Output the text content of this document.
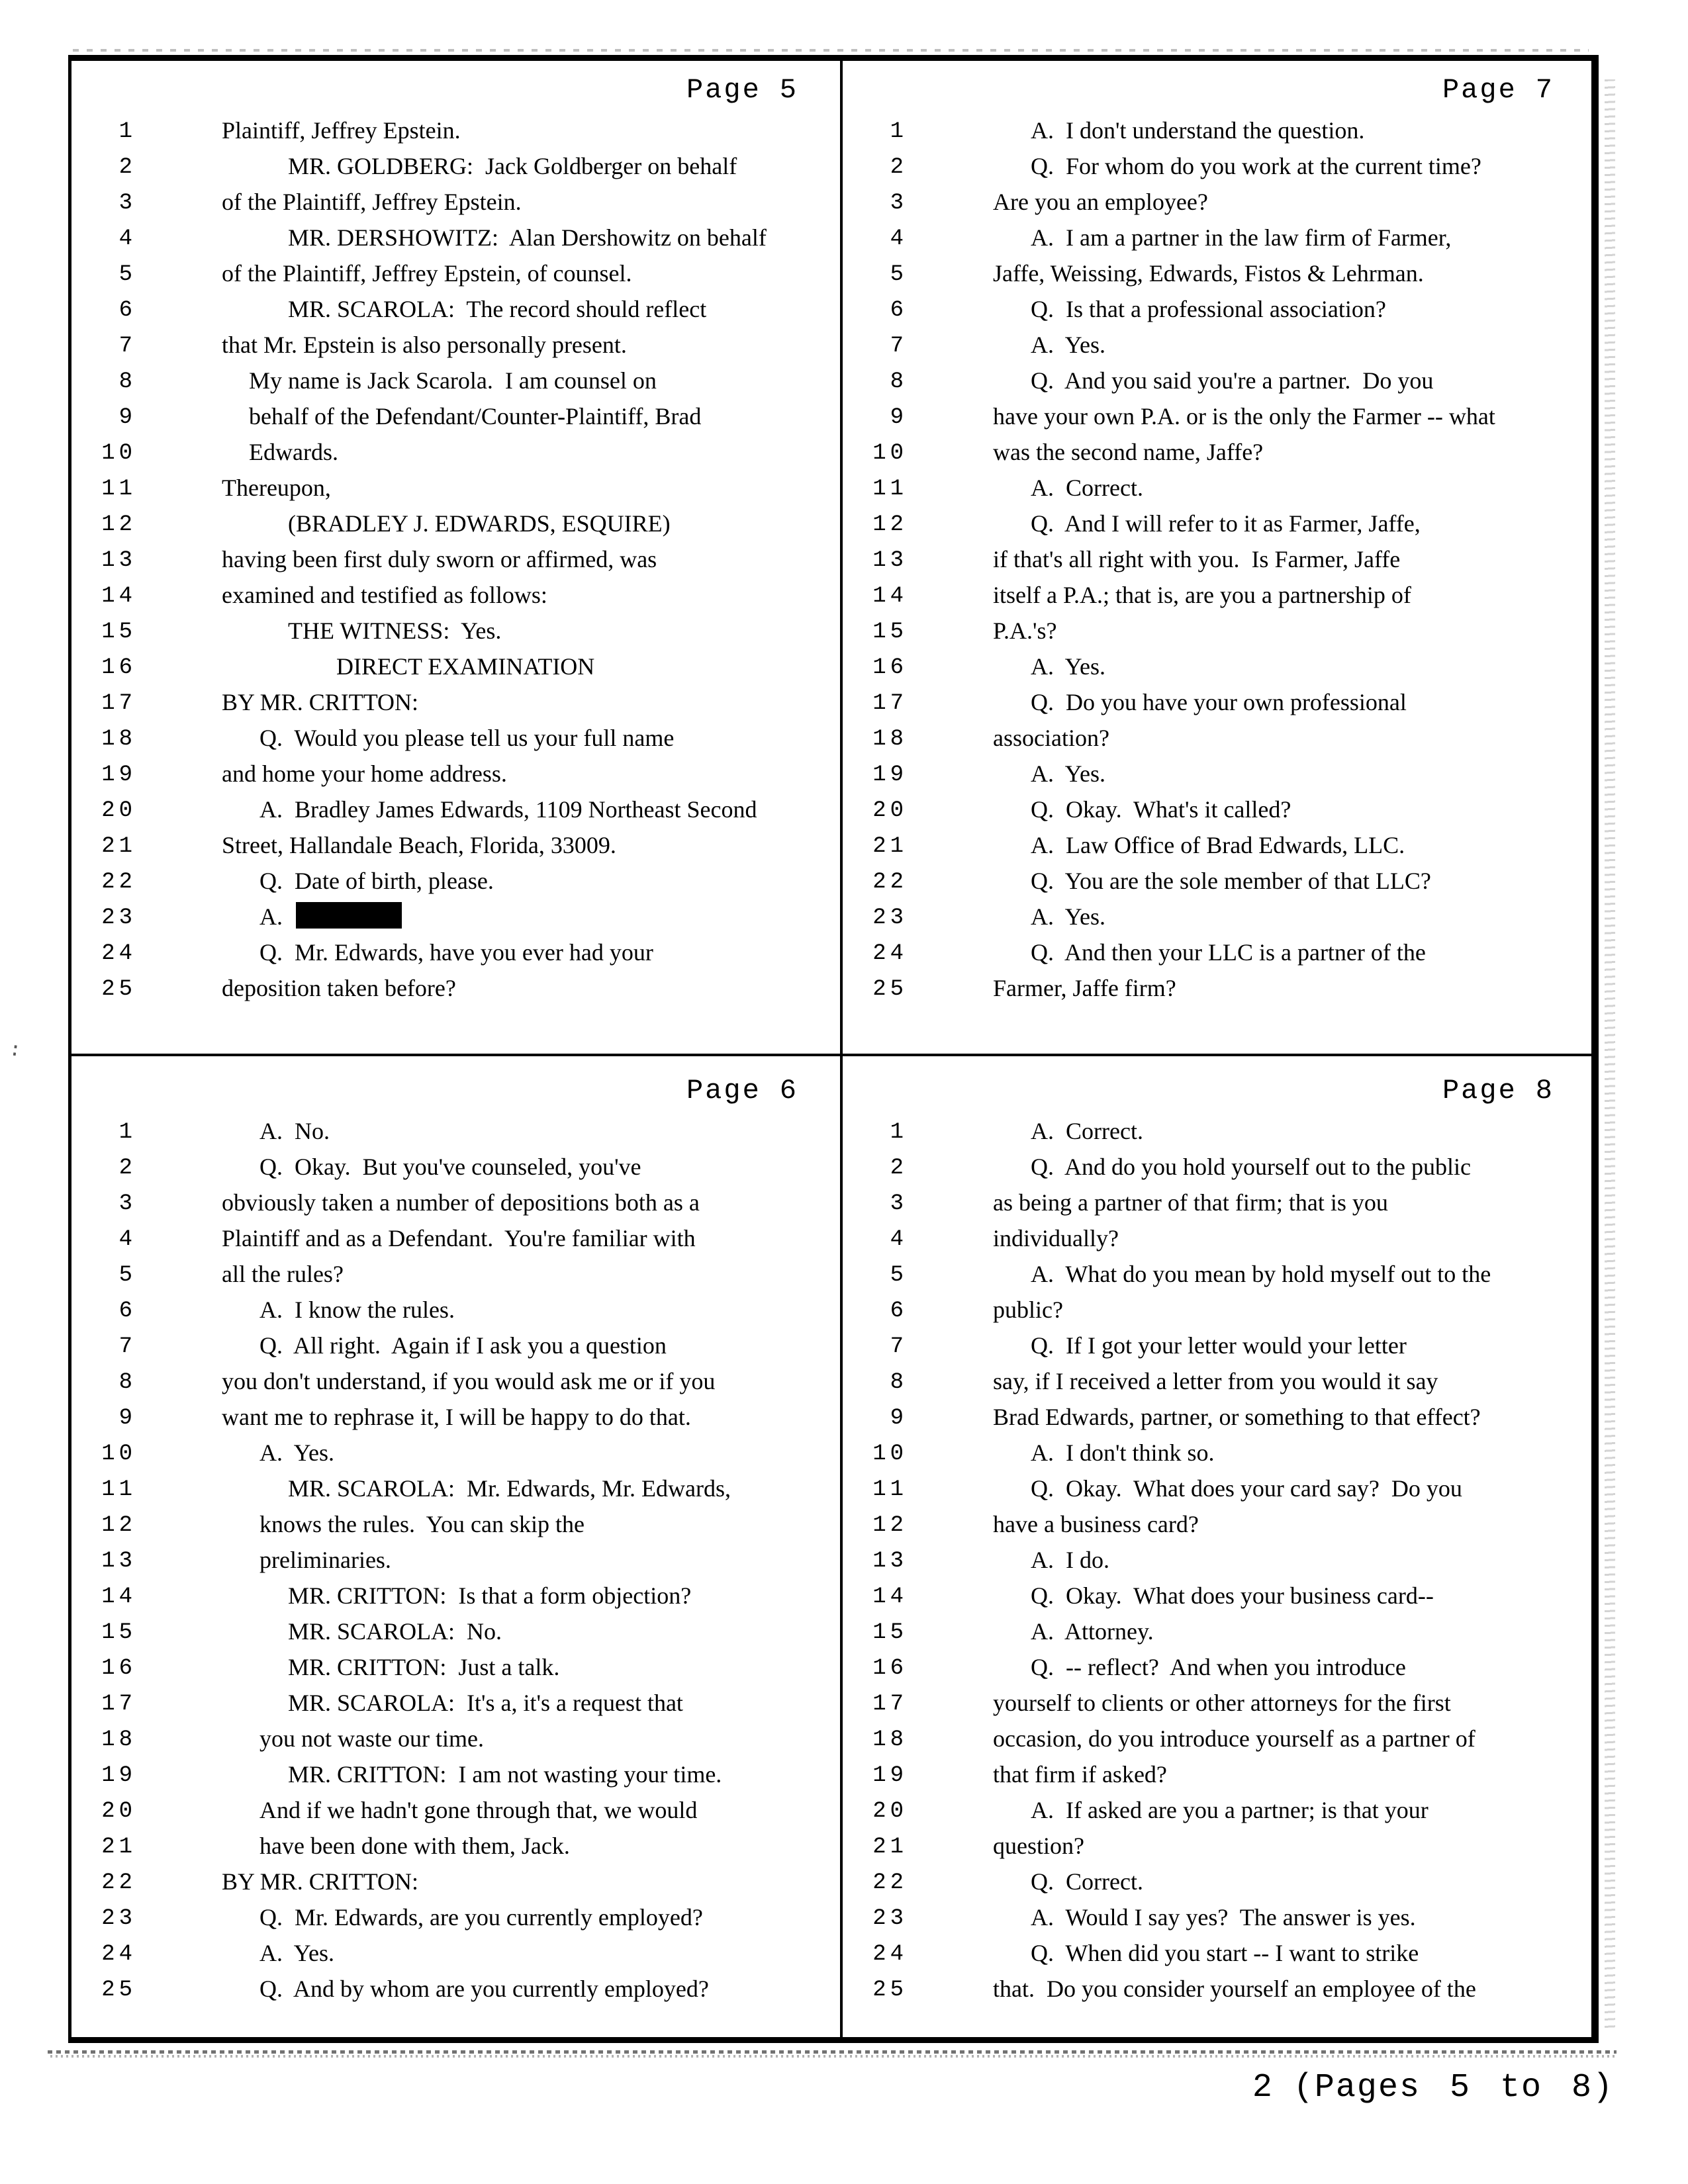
:
Page 5
1	Plaintiff, Jeffrey Epstein.
2	MR. GOLDBERG:  Jack Goldberger on behalf
3	of the Plaintiff, Jeffrey Epstein.
4	MR. DERSHOWITZ:  Alan Dershowitz on behalf
5	of the Plaintiff, Jeffrey Epstein, of counsel.
6	MR. SCAROLA:  The record should reflect
7	that Mr. Epstein is also personally present.
8	My name is Jack Scarola.  I am counsel on
9	behalf of the Defendant/Counter-Plaintiff, Brad
10	Edwards.
11	Thereupon,
12	(BRADLEY J. EDWARDS, ESQUIRE)
13	having been first duly sworn or affirmed, was
14	examined and testified as follows:
15	THE WITNESS:  Yes.
16	DIRECT EXAMINATION
17	BY MR. CRITTON:
18	Q.  Would you please tell us your full name
19	and home your home address.
20	A.  Bradley James Edwards, 1109 Northeast Second
21	Street, Hallandale Beach, Florida, 33009.
22	Q.  Date of birth, please.
23	A.
24	Q.  Mr. Edwards, have you ever had your
25	deposition taken before?
Page 7
1	A.  I don't understand the question.
2	Q.  For whom do you work at the current time?
3	Are you an employee?
4	A.  I am a partner in the law firm of Farmer,
5	Jaffe, Weissing, Edwards, Fistos & Lehrman.
6	Q.  Is that a professional association?
7	A.  Yes.
8	Q.  And you said you're a partner.  Do you
9	have your own P.A. or is the only the Farmer -- what
10	was the second name, Jaffe?
11	A.  Correct.
12	Q.  And I will refer to it as Farmer, Jaffe,
13	if that's all right with you.  Is Farmer, Jaffe
14	itself a P.A.; that is, are you a partnership of
15	P.A.'s?
16	A.  Yes.
17	Q.  Do you have your own professional
18	association?
19	A.  Yes.
20	Q.  Okay.  What's it called?
21	A.  Law Office of Brad Edwards, LLC.
22	Q.  You are the sole member of that LLC?
23	A.  Yes.
24	Q.  And then your LLC is a partner of the
25	Farmer, Jaffe firm?
Page 6
1	A.  No.
2	Q.  Okay.  But you've counseled, you've
3	obviously taken a number of depositions both as a
4	Plaintiff and as a Defendant.  You're familiar with
5	all the rules?
6	A.  I know the rules.
7	Q.  All right.  Again if I ask you a question
8	you don't understand, if you would ask me or if you
9	want me to rephrase it, I will be happy to do that.
10	A.  Yes.
11	MR. SCAROLA:  Mr. Edwards, Mr. Edwards,
12	knows the rules.  You can skip the
13	preliminaries.
14	MR. CRITTON:  Is that a form objection?
15	MR. SCAROLA:  No.
16	MR. CRITTON:  Just a talk.
17	MR. SCAROLA:  It's a, it's a request that
18	you not waste our time.
19	MR. CRITTON:  I am not wasting your time.
20	And if we hadn't gone through that, we would
21	have been done with them, Jack.
22	BY MR. CRITTON:
23	Q.  Mr. Edwards, are you currently employed?
24	A.  Yes.
25	Q.  And by whom are you currently employed?
Page 8
1	A.  Correct.
2	Q.  And do you hold yourself out to the public
3	as being a partner of that firm; that is you
4	individually?
5	A.  What do you mean by hold myself out to the
6	public?
7	Q.  If I got your letter would your letter
8	say, if I received a letter from you would it say
9	Brad Edwards, partner, or something to that effect?
10	A.  I don't think so.
11	Q.  Okay.  What does your card say?  Do you
12	have a business card?
13	A.  I do.
14	Q.  Okay.  What does your business card--
15	A.  Attorney.
16	Q.  -- reflect?  And when you introduce
17	yourself to clients or other attorneys for the first
18	occasion, do you introduce yourself as a partner of
19	that firm if asked?
20	A.  If asked are you a partner; is that your
21	question?
22	Q.  Correct.
23	A.  Would I say yes?  The answer is yes.
24	Q.  When did you start -- I want to strike
25	that.  Do you consider yourself an employee of the
2 (Pages 5 to 8)
